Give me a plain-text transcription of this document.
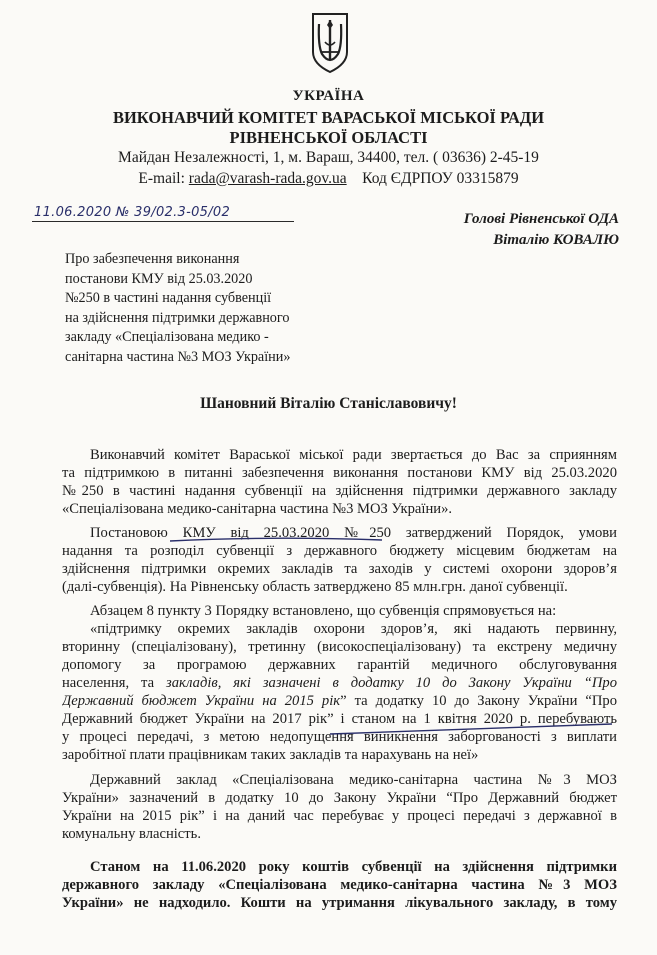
УКРАЇНА
ВИКОНАВЧИЙ КОМІТЕТ ВАРАСЬКОЇ МІСЬКОЇ РАДИ
РІВНЕНСЬКОЇ ОБЛАСТІ
Майдан Незалежності, 1, м. Вараш, 34400, тел. ( 03636) 2-45-19
E-mail: rada@varash-rada.gov.ua Код ЄДРПОУ 03315879
11.06.2020 № 39/02.3-05/02	Голові Рівненської ОДА
Віталію КОВАЛЮ
Про забезпечення виконання
постанови КМУ від 25.03.2020
№250 в частині надання субвенції
на здійснення підтримки державного
закладу «Спеціалізована медико -
санітарна частина №3 МОЗ України»
Шановний Віталію Станіславовичу!
Виконавчий комітет Вараської міської ради звертається до Вас за сприянням
та підтримкою в питанні забезпечення виконання постанови КМУ від 25.03.2020
№250 в частині надання субвенції на здійснення підтримки державного закладу
«Спеціалізована медико-санітарна частина №3 МОЗ України».
Постановою КМУ від 25.03.2020 №250 затверджений Порядок, умови
надання та розподіл субвенції з державного бюджету місцевим бюджетам на
здійснення підтримки окремих закладів та заходів у системі охорони здоров’я
(далі-субвенція). На Рівненську область затверджено 85 млн.грн. даної субвенції.
Абзацем 8 пункту 3 Порядку встановлено, що субвенція спрямовується на:
«підтримку окремих закладів охорони здоров’я, які надають первинну,
вторинну (спеціалізовану), третинну (високоспеціалізовану) та екстрену медичну
допомогу за програмою державних гарантій медичного обслуговування
населення, та закладів, які зазначені в додатку 10 до Закону України “Про
Державний бюджет України на 2015 рік” та додатку 10 до Закону України “Про
Державний бюджет України на 2017 рік” і станом на 1 квітня 2020 р. перебувають
у процесі передачі, з метою недопущення виникнення заборгованості з виплати
заробітної плати працівникам таких закладів та нарахувань на неї»
Державний заклад «Спеціалізована медико-санітарна частина №3 МОЗ
України» зазначений в додатку 10 до Закону України “Про Державний бюджет
України на 2015 рік” і на даний час перебуває у процесі передачі з державної в
комунальну власність.
Станом на 11.06.2020 року коштів субвенції на здійснення підтримки
державного закладу «Спеціалізована медико-санітарна частина №3 МОЗ
України» не надходило. Кошти на утримання лікувального закладу, в тому
